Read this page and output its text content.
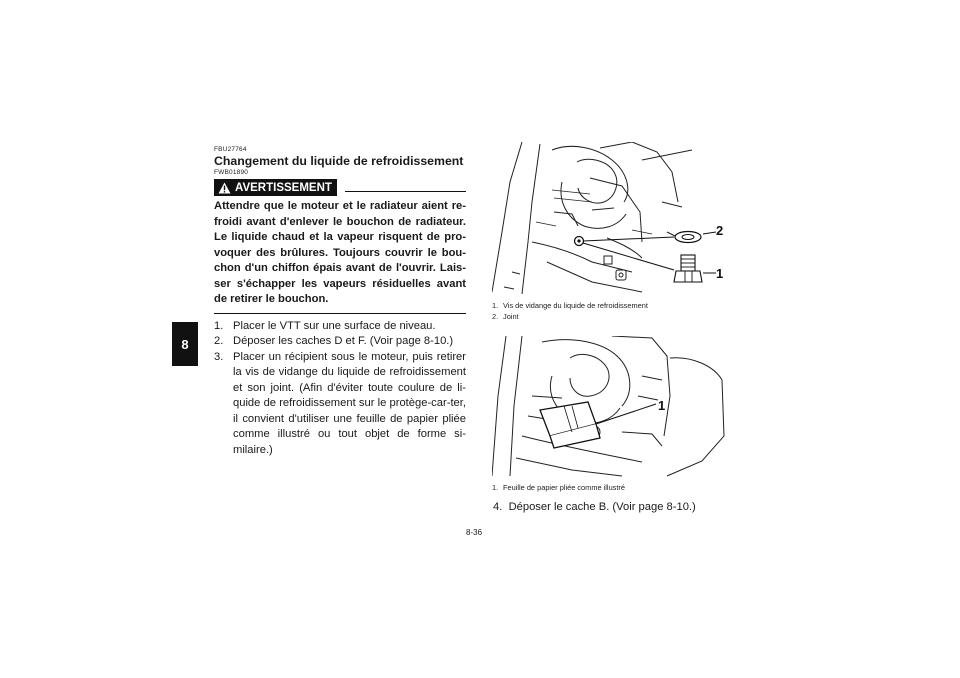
8
FBU27764
Changement du liquide de refroidissement
FWB01890
AVERTISSEMENT
Attendre que le moteur et le radiateur aient re-froidi avant d'enlever le bouchon de radiateur. Le liquide chaud et la vapeur risquent de pro-voquer des brûlures. Toujours couvrir le bou-chon d'un chiffon épais avant de l'ouvrir. Lais-ser s'échapper les vapeurs résiduelles avant de retirer le bouchon.
1. Placer le VTT sur une surface de niveau.
2. Déposer les caches D et F. (Voir page 8-10.)
3. Placer un récipient sous le moteur, puis retirer la vis de vidange du liquide de refroidissement et son joint. (Afin d'éviter toute coulure de li-quide de refroidissement sur le protège-car-ter, il convient d'utiliser une feuille de papier pliée comme illustré ou tout objet de forme si-milaire.)
2
1
1. Vis de vidange du liquide de refroidissement
2. Joint
1
1. Feuille de papier pliée comme illustré
4. Déposer le cache B. (Voir page 8-10.)
8-36
